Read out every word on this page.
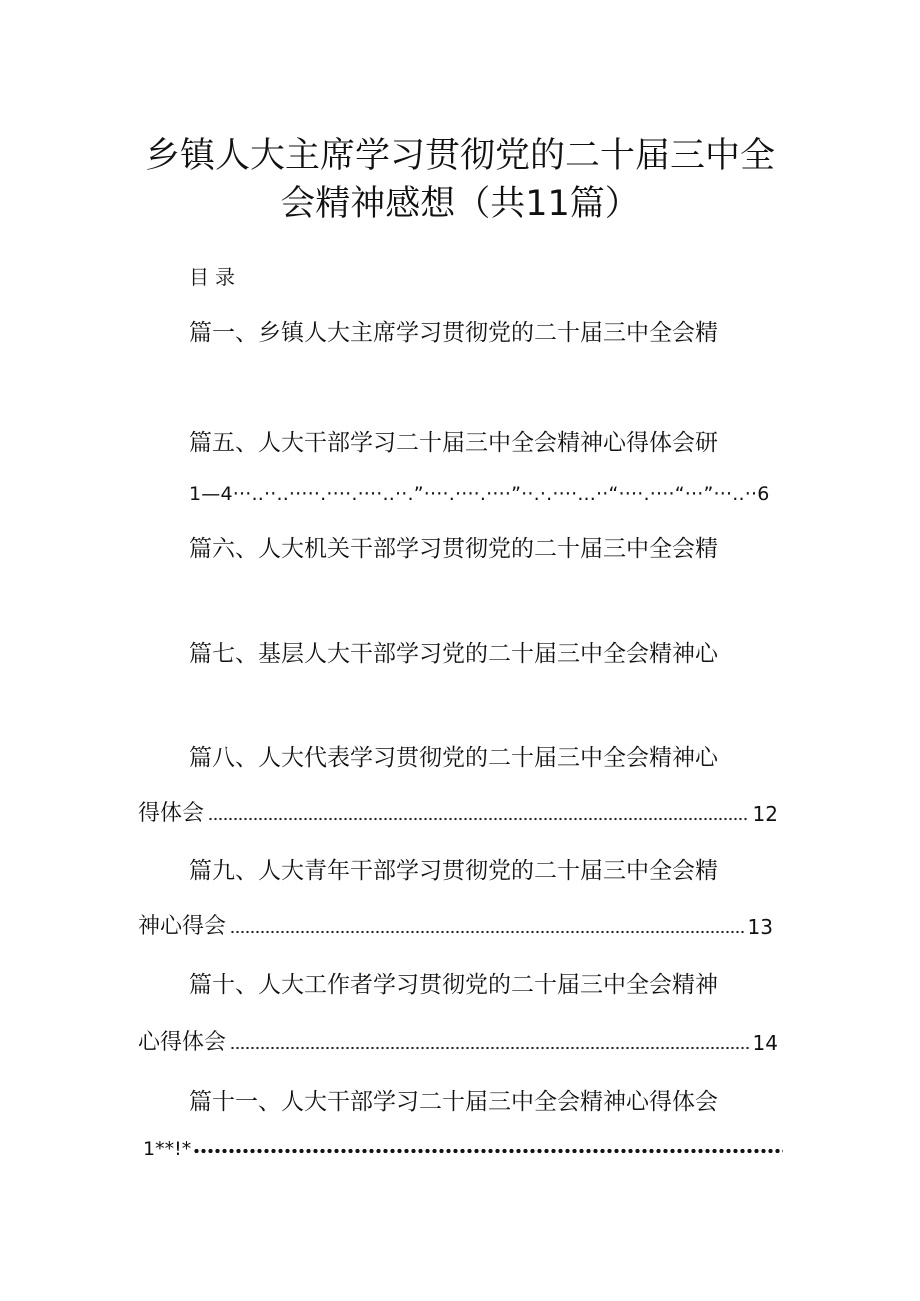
乡镇人大主席学习贯彻党的二十届三中全
会精神感想（共11篇）
目录
篇一、乡镇人大主席学习贯彻党的二十届三中全会精
篇五、人大干部学习二十届三中全会精神心得体会研
1—4···..··..·····.····.····..··.”····.····.····”··.·.····...··“····.····“···”···..··6
篇六、人大机关干部学习贯彻党的二十届三中全会精
篇七、基层人大干部学习党的二十届三中全会精神心
篇八、人大代表学习贯彻党的二十届三中全会精神心
得体会	12
篇九、人大青年干部学习贯彻党的二十届三中全会精
神心得会	13
篇十、人大工作者学习贯彻党的二十届三中全会精神
心得体会	14
篇十一、人大干部学习二十届三中全会精神心得体会
1**!*
